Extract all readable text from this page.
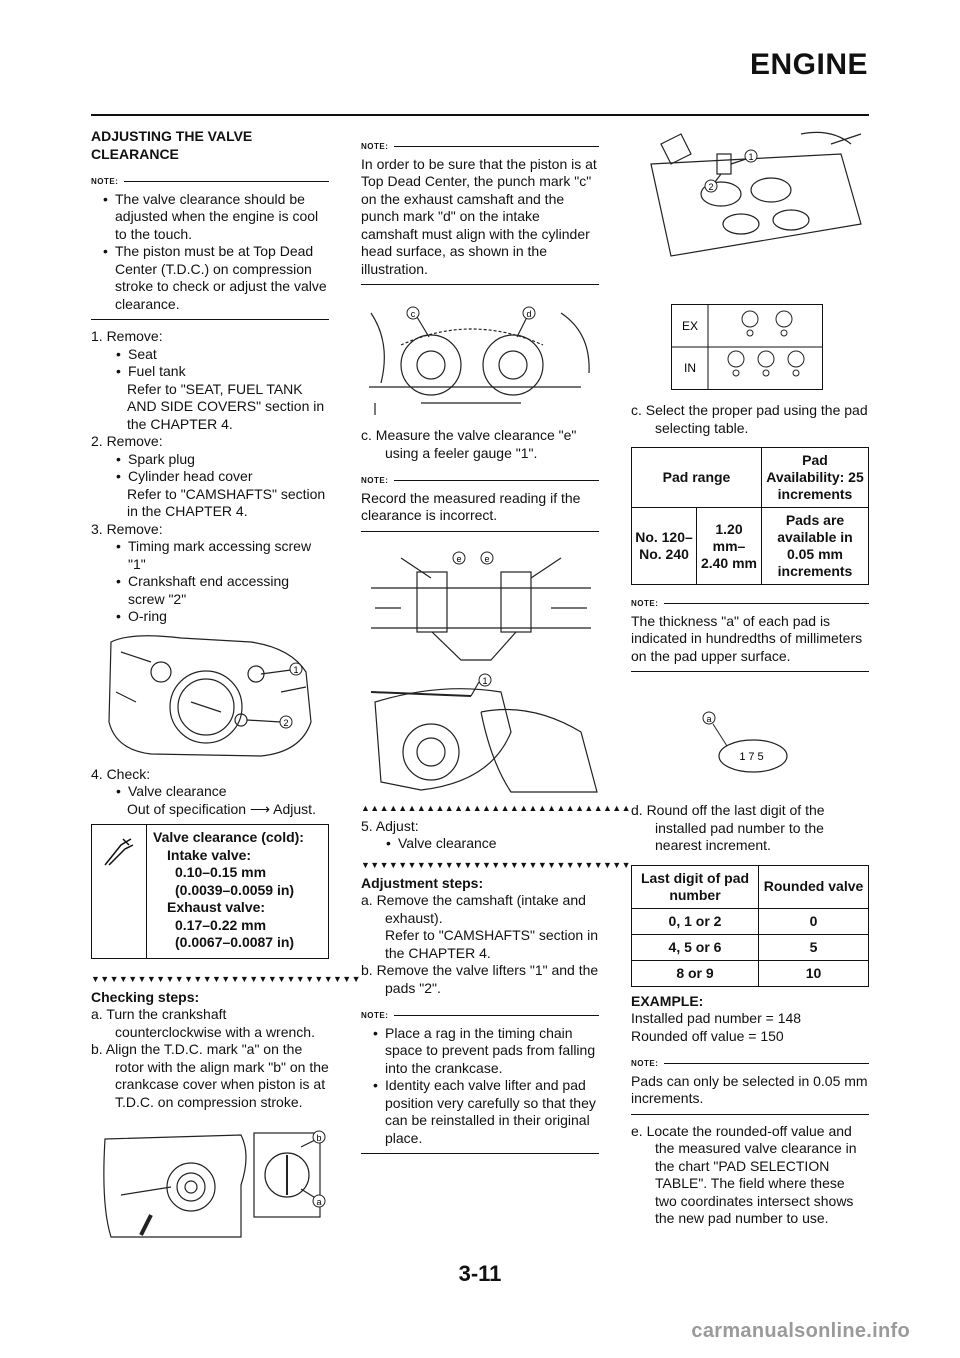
ENGINE
ADJUSTING THE VALVE CLEARANCE
NOTE:
• The valve clearance should be adjusted when the engine is cool to the touch.
• The piston must be at Top Dead Center (T.D.C.) on compression stroke to check or adjust the valve clearance.
1. Remove:
• Seat
• Fuel tank
Refer to "SEAT, FUEL TANK AND SIDE COVERS" section in the CHAPTER 4.
2. Remove:
• Spark plug
• Cylinder head cover
Refer to "CAMSHAFTS" section in the CHAPTER 4.
3. Remove:
• Timing mark accessing screw "1"
• Crankshaft end accessing screw "2"
• O-ring
1
2
4. Check:
• Valve clearance
Out of specification ⟶ Adjust.
Valve clearance (cold):
Intake valve:
0.10–0.15 mm
(0.0039–0.0059 in)
Exhaust valve:
0.17–0.22 mm
(0.0067–0.0087 in)
▼▼▼▼▼▼▼▼▼▼▼▼▼▼▼▼▼▼▼▼▼▼▼▼▼▼▼▼▼
Checking steps:
a. Turn the crankshaft counterclockwise with a wrench.
b. Align the T.D.C. mark "a" on the rotor with the align mark "b" on the crankcase cover when piston is at T.D.C. on compression stroke.
b
a
NOTE:
In order to be sure that the piston is at Top Dead Center, the punch mark "c" on the exhaust camshaft and the punch mark "d" on the intake camshaft must align with the cylinder head surface, as shown in the illustration.
c	d
c. Measure the valve clearance "e" using a feeler gauge "1".
NOTE:
Record the measured reading if the clearance is incorrect.
e	e
1
▲▲▲▲▲▲▲▲▲▲▲▲▲▲▲▲▲▲▲▲▲▲▲▲▲▲▲▲▲
5. Adjust:
• Valve clearance
▼▼▼▼▼▼▼▼▼▼▼▼▼▼▼▼▼▼▼▼▼▼▼▼▼▼▼▼▼
Adjustment steps:
a. Remove the camshaft (intake and exhaust).
Refer to "CAMSHAFTS" section in the CHAPTER 4.
b. Remove the valve lifters "1" and the pads "2".
NOTE:
• Place a rag in the timing chain space to prevent pads from falling into the crankcase.
• Identity each valve lifter and pad position very carefully so that they can be reinstalled in their original place.
1
2
EX
IN
c. Select the proper pad using the pad selecting table.
Pad range		Pad Availability: 25 increments
No. 120– No. 240	1.20 mm– 2.40 mm	Pads are available in 0.05 mm increments
NOTE:
The thickness "a" of each pad is indicated in hundredths of millimeters on the pad upper surface.
175
a
d. Round off the last digit of the installed pad number to the nearest increment.
Last digit of pad number	Rounded valve
0, 1 or 2	0
4, 5 or 6	5
8 or 9	10
EXAMPLE:
Installed pad number = 148
Rounded off value = 150
NOTE:
Pads can only be selected in 0.05 mm increments.
e. Locate the rounded-off value and the measured valve clearance in the chart "PAD SELECTION TABLE". The field where these two coordinates intersect shows the new pad number to use.
3-11
carmanualsonline.info
